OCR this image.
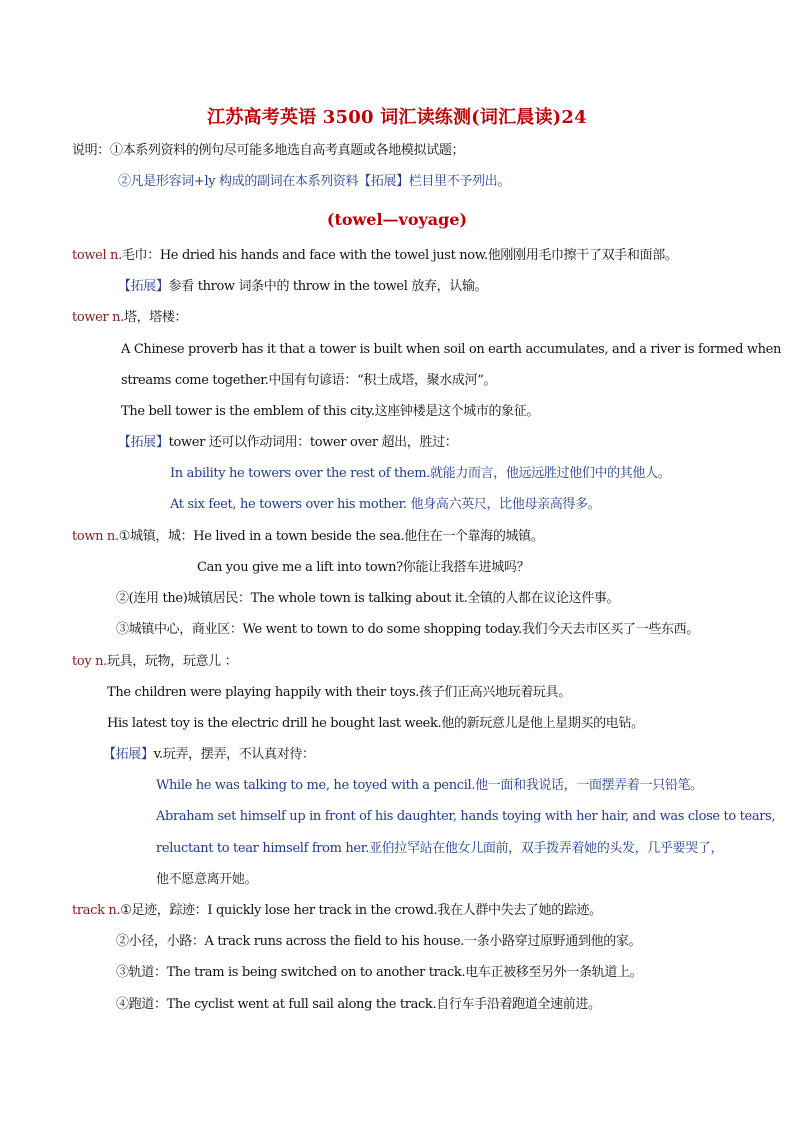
江苏高考英语 3500 词汇读练测(词汇晨读)24
说明：①本系列资料的例句尽可能多地选自高考真题或各地模拟试题；
②凡是形容词+ly 构成的副词在本系列资料【拓展】栏目里不予列出。
(towel—voyage)
towel n.毛巾：He dried his hands and face with the towel just now.他刚刚用毛巾擦干了双手和面部。
【拓展】参看 throw 词条中的 throw in the towel 放弃，认输。
tower n.塔，塔楼：
A Chinese proverb has it that a tower is built when soil on earth accumulates, and a river is formed when
streams come together.中国有句谚语：“积土成塔，聚水成河”。
The bell tower is the emblem of this city.这座钟楼是这个城市的象征。
【拓展】tower 还可以作动词用：tower over 超出，胜过：
In ability he towers over the rest of them.就能力而言，他远远胜过他们中的其他人。
At six feet, he towers over his mother. 他身高六英尺，比他母亲高得多。
town n.①城镇，城：He lived in a town beside the sea.他住在一个靠海的城镇。
Can you give me a lift into town?你能让我搭车进城吗？
②(连用 the)城镇居民：The whole town is talking about it.全镇的人都在议论这件事。
③城镇中心，商业区：We went to town to do some shopping today.我们今天去市区买了一些东西。
toy n.玩具，玩物，玩意儿 ：
The children were playing happily with their toys.孩子们正高兴地玩着玩具。
His latest toy is the electric drill he bought last week.他的新玩意儿是他上星期买的电钻。
【拓展】v.玩弄，摆弄，不认真对待：
While he was talking to me, he toyed with a pencil.他一面和我说话，一面摆弄着一只铅笔。
Abraham set himself up in front of his daughter, hands toying with her hair, and was close to tears,
reluctant to tear himself from her.亚伯拉罕站在他女儿面前，双手拨弄着她的头发，几乎要哭了，
他不愿意离开她。
track n.①足迹，踪迹：I quickly lose her track in the crowd.我在人群中失去了她的踪迹。
②小径，小路：A track runs across the field to his house.一条小路穿过原野通到他的家。
③轨道：The tram is being switched on to another track.电车正被移至另外一条轨道上。
④跑道：The cyclist went at full sail along the track.自行车手沿着跑道全速前进。
